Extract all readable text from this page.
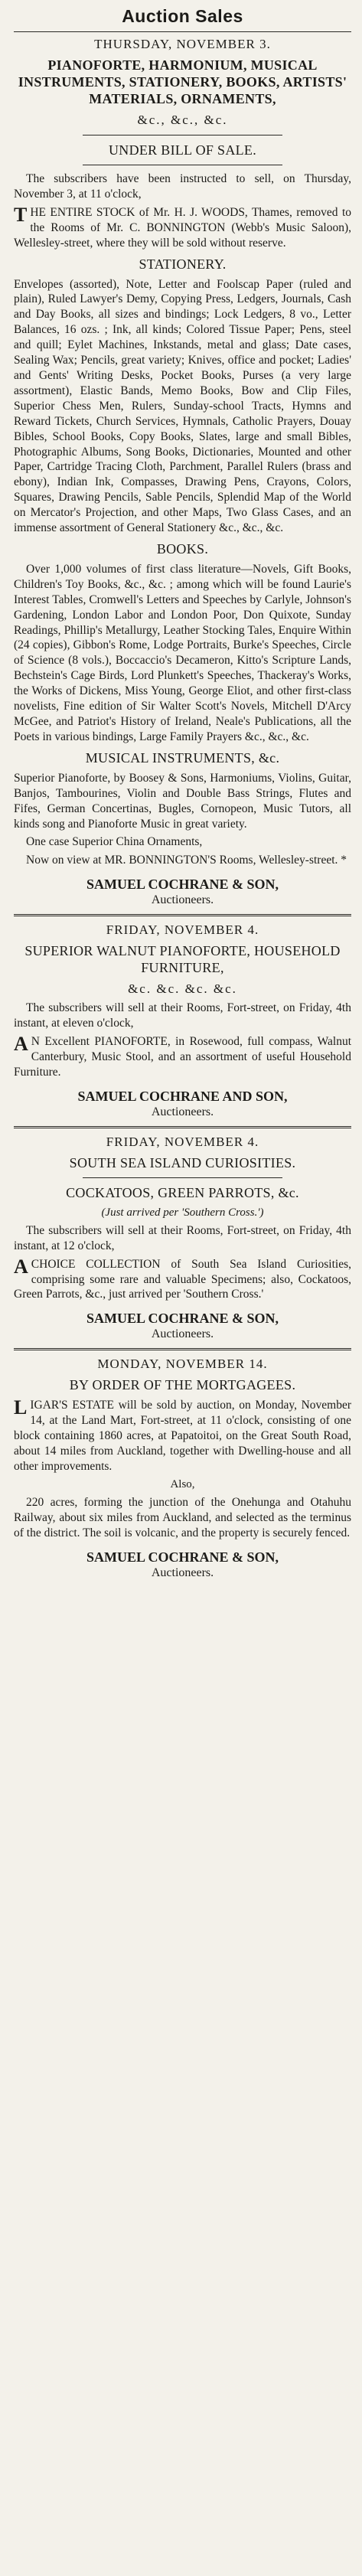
Auction Sales
THURSDAY, NOVEMBER 3.
PIANOFORTE, HARMONIUM, MUSICAL INSTRUMENTS, STATIONERY, BOOKS, ARTISTS' MATERIALS, ORNAMENTS,
&c., &c., &c.
UNDER BILL OF SALE.

The subscribers have been instructed to sell, on Thursday, November 3, at 11 o'clock,

THE ENTIRE STOCK of Mr. H. J. WOODS, Thames, removed to the Rooms of Mr. C. BONNINGTON (Webb's Music Saloon), Wellesley-street, where they will be sold without reserve.

STATIONERY.

Envelopes (assorted), Note, Letter and Foolscap Paper (ruled and plain), Ruled Lawyer's Demy, Copying Press, Ledgers, Journals, Cash and Day Books, all sizes and bindings; Lock Ledgers, 8 vo., Letter Balances, 16 ozs. ; Ink, all kinds; Colored Tissue Paper; Pens, steel and quill; Eylet Machines, Inkstands, metal and glass; Date cases, Sealing Wax; Pencils, great variety; Knives, office and pocket; Ladies' and Gents' Writing Desks, Pocket Books, Purses (a very large assortment), Elastic Bands, Memo Books, Bow and Clip Files, Superior Chess Men, Rulers, Sunday-school Tracts, Hymns and Reward Tickets, Church Services, Hymnals, Catholic Prayers, Douay Bibles, School Books, Copy Books, Slates, large and small Bibles, Photographic Albums, Song Books, Dictionaries, Mounted and other Paper, Cartridge Tracing Cloth, Parchment, Parallel Rulers (brass and ebony), Indian Ink, Compasses, Drawing Pens, Crayons, Colors, Squares, Drawing Pencils, Sable Pencils, Splendid Map of the World on Mercator's Projection, and other Maps, Two Glass Cases, and an immense assortment of General Stationery &c., &c., &c.

BOOKS.

Over 1,000 volumes of first class literature—Novels, Gift Books, Children's Toy Books, &c., &c. ; among which will be found Laurie's Interest Tables, Cromwell's Letters and Speeches by Carlyle, Johnson's Gardening, London Labor and London Poor, Don Quixote, Sunday Readings, Phillip's Metallurgy, Leather Stocking Tales, Enquire Within (24 copies), Gibbon's Rome, Lodge Portraits, Burke's Speeches, Circle of Science (8 vols.), Boccaccio's Decameron, Kitto's Scripture Lands, Bechstein's Cage Birds, Lord Plunkett's Speeches, Thackeray's Works, the Works of Dickens, Miss Young, George Eliot, and other first-class novelists, Fine edition of Sir Walter Scott's Novels, Mitchell D'Arcy McGee, and Patriot's History of Ireland, Neale's Publications, all the Poets in various bindings, Large Family Prayers &c., &c., &c.

MUSICAL INSTRUMENTS, &c.

Superior Pianoforte, by Boosey & Sons, Harmoniums, Violins, Guitar, Banjos, Tambourines, Violin and Double Bass Strings, Flutes and Fifes, German Concertinas, Bugles, Cornopeon, Music Tutors, all kinds song and Pianoforte Music in great variety.

One case Superior China Ornaments,

Now on view at MR. BONNINGTON'S Rooms, Wellesley-street. *

SAMUEL COCHRANE & SON,
Auctioneers.
FRIDAY, NOVEMBER 4.
SUPERIOR WALNUT PIANOFORTE, HOUSEHOLD FURNITURE,
&c. &c. &c. &c.

The subscribers will sell at their Rooms, Fort-street, on Friday, 4th instant, at eleven o'clock,

A N Excellent PIANOFORTE, in Rosewood, full compass, Walnut Canterbury, Music Stool, and an assortment of useful Household Furniture.

SAMUEL COCHRANE AND SON,
Auctioneers.
FRIDAY, NOVEMBER 4.
SOUTH SEA ISLAND CURIOSITIES.
COCKATOOS, GREEN PARROTS, &c.
(Just arrived per 'Southern Cross.')

The subscribers will sell at their Rooms, Fort-street, on Friday, 4th instant, at 12 o'clock,

ACHOICE COLLECTION of South Sea Island Curiosities, comprising some rare and valuable Specimens; also, Cockatoos, Green Parrots, &c., just arrived per 'Southern Cross.'

SAMUEL COCHRANE & SON,
Auctioneers.
MONDAY, NOVEMBER 14.
BY ORDER OF THE MORTGAGEES.

LIGAR'S ESTATE will be sold by auction, on Monday, November 14, at the Land Mart, Fort-street, at 11 o'clock, consisting of one block containing 1860 acres, at Papatoitoi, on the Great South Road, about 14 miles from Auckland, together with Dwelling-house and all other improvements.

Also,

220 acres, forming the junction of the Onehunga and Otahuhu Railway, about six miles from Auckland, and selected as the terminus of the district. The soil is volcanic, and the property is securely fenced.

SAMUEL COCHRANE & SON,
Auctioneers.
